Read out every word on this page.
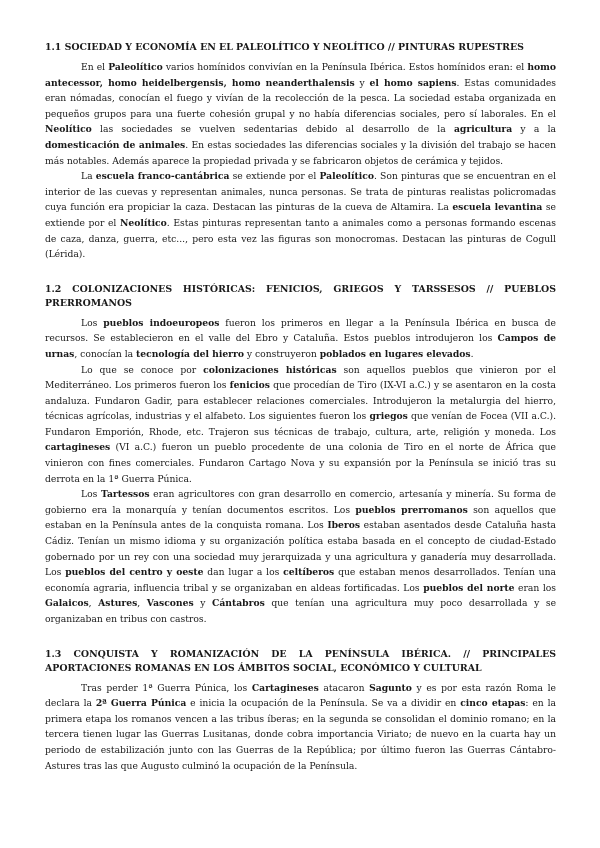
1.1 SOCIEDAD Y ECONOMÍA EN EL PALEOLÍTICO Y NEOLÍTICO // PINTURAS RUPESTRES

En el Paleolítico varios homínidos convivían en la Península Ibérica. Estos homínidos eran: el homo antecessor, homo heidelbergensis, homo neanderthalensis y el homo sapiens. Estas comunidades eran nómadas, conocían el fuego y vivían de la recolección de la pesca. La sociedad estaba organizada en pequeños grupos para una fuerte cohesión grupal y no había diferencias sociales, pero sí laborales. En el Neolítico las sociedades se vuelven sedentarias debido al desarrollo de la agricultura y a la domesticación de animales. En estas sociedades las diferencias sociales y la división del trabajo se hacen más notables. Además aparece la propiedad privada y se fabricaron objetos de cerámica y tejidos.

La escuela franco-cantábrica se extiende por el Paleolítico. Son pinturas que se encuentran en el interior de las cuevas y representan animales, nunca personas. Se trata de pinturas realistas policromadas cuya función era propiciar la caza. Destacan las pinturas de la cueva de Altamira. La escuela levantina se extiende por el Neolítico. Estas pinturas representan tanto a animales como a personas formando escenas de caza, danza, guerra, etc..., pero esta vez las figuras son monocromas. Destacan las pinturas de Cogull (Lérida).

1.2 COLONIZACIONES HISTÓRICAS: FENICIOS, GRIEGOS Y TARSSESOS // PUEBLOS PRERROMANOS

Los pueblos indoeuropeos fueron los primeros en llegar a la Península Ibérica en busca de recursos. Se establecieron en el valle del Ebro y Cataluña. Estos pueblos introdujeron los Campos de urnas, conocían la tecnología del hierro y construyeron poblados en lugares elevados.

Lo que se conoce por colonizaciones históricas son aquellos pueblos que vinieron por el Mediterráneo. Los primeros fueron los fenicios que procedían de Tiro (IX-VI a.C.) y se asentaron en la costa andaluza. Fundaron Gadir, para establecer relaciones comerciales. Introdujeron la metalurgia del hierro, técnicas agrícolas, industrias y el alfabeto. Los siguientes fueron los griegos que venían de Focea (VII a.C.). Fundaron Emporión, Rhode, etc. Trajeron sus técnicas de trabajo, cultura, arte, religión y moneda. Los cartagineses (VI a.C.) fueron un pueblo procedente de una colonia de Tiro en el norte de África que vinieron con fines comerciales. Fundaron Cartago Nova y su expansión por la Península se inició tras su derrota en la 1ª Guerra Púnica.

Los Tartessos eran agricultores con gran desarrollo en comercio, artesanía y minería. Su forma de gobierno era la monarquía y tenían documentos escritos. Los pueblos prerromanos son aquellos que estaban en la Península antes de la conquista romana. Los Iberos estaban asentados desde Cataluña hasta Cádiz. Tenían un mismo idioma y su organización política estaba basada en el concepto de ciudad-Estado gobernado por un rey con una sociedad muy jerarquizada y una agricultura y ganadería muy desarrollada. Los pueblos del centro y oeste dan lugar a los celtíberos que estaban menos desarrollados. Tenían una economía agraria, influencia tribal y se organizaban en aldeas fortificadas. Los pueblos del norte eran los Galaicos, Astures, Vascones y Cántabros que tenían una agricultura muy poco desarrollada y se organizaban en tribus con castros.

1.3 CONQUISTA Y ROMANIZACIÓN DE LA PENÍNSULA IBÉRICA. // PRINCIPALES APORTACIONES ROMANAS EN LOS ÁMBITOS SOCIAL, ECONÓMICO Y CULTURAL

Tras perder 1ª Guerra Púnica, los Cartagineses atacaron Sagunto y es por esta razón Roma le declara la 2ª Guerra Púnica e inicia la ocupación de la Península. Se va a dividir en cinco etapas: en la primera etapa los romanos vencen a las tribus íberas; en la segunda se consolidan el dominio romano; en la tercera tienen lugar las Guerras Lusitanas, donde cobra importancia Viriato; de nuevo en la cuarta hay un periodo de estabilización junto con las Guerras de la República; por último fueron las Guerras Cántabro-Astures tras las que Augusto culminó la ocupación de la Península.
